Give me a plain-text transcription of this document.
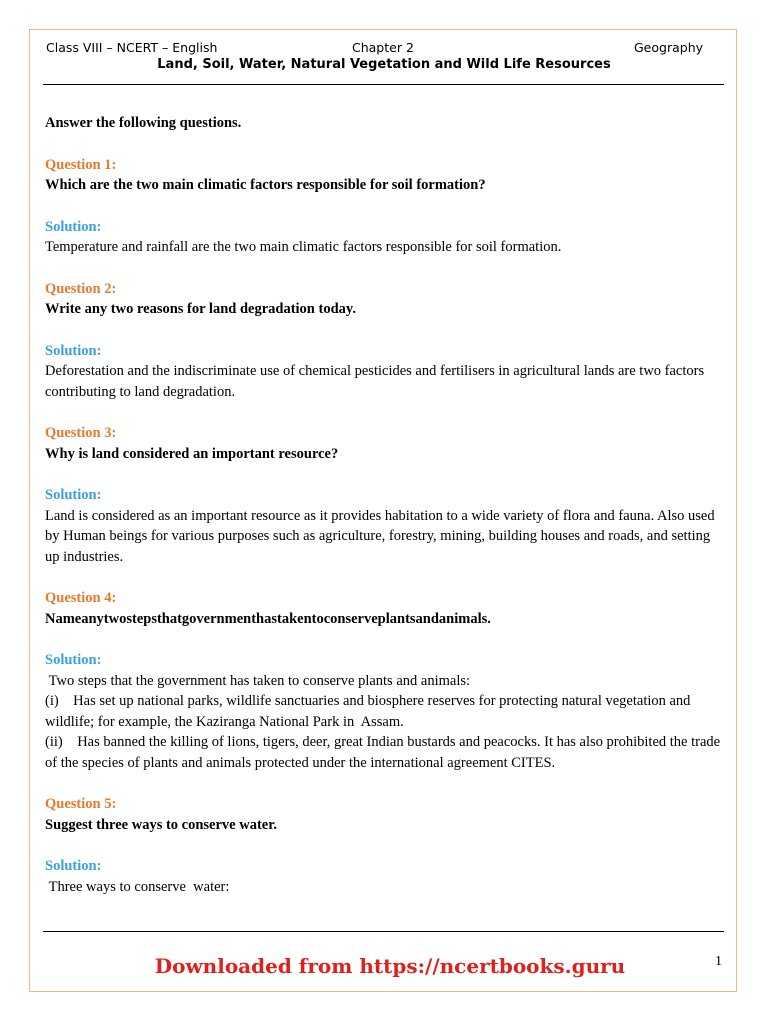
Class VIII – NCERT – English	Chapter 2	Geography
Land, Soil, Water, Natural Vegetation and Wild Life Resources

Answer the following questions.

Question 1:

Which are the two main climatic factors responsible for soil formation?

Solution:

Temperature and rainfall are the two main climatic factors responsible for soil formation.

Question 2:

Write any two reasons for land degradation today.

Solution:

Deforestation and the indiscriminate use of chemical pesticides and fertilisers in agricultural lands are two factors contributing to land degradation.

Question 3:

Why is land considered an important resource?

Solution:

Land is considered as an important resource as it provides habitation to a wide variety of flora and fauna. Also used by Human beings for various purposes such as agriculture, forestry, mining, building houses and roads, and setting up industries.

Question 4:

Nameanytwostepsthatgovernmenthastakentoconserveplantsandanimals.

Solution:

Two steps that the government has taken to conserve plants and animals:

(i)    Has set up national parks, wildlife sanctuaries and biosphere reserves for protecting natural vegetation and wildlife; for example, the Kaziranga National Park in  Assam.

(ii)    Has banned the killing of lions, tigers, deer, great Indian bustards and peacocks. It has also prohibited the trade of the species of plants and animals protected under the international agreement CITES.

Question 5:

Suggest three ways to conserve water.

Solution:

Three ways to conserve  water:

Downloaded from https://ncertbooks.guru	1
